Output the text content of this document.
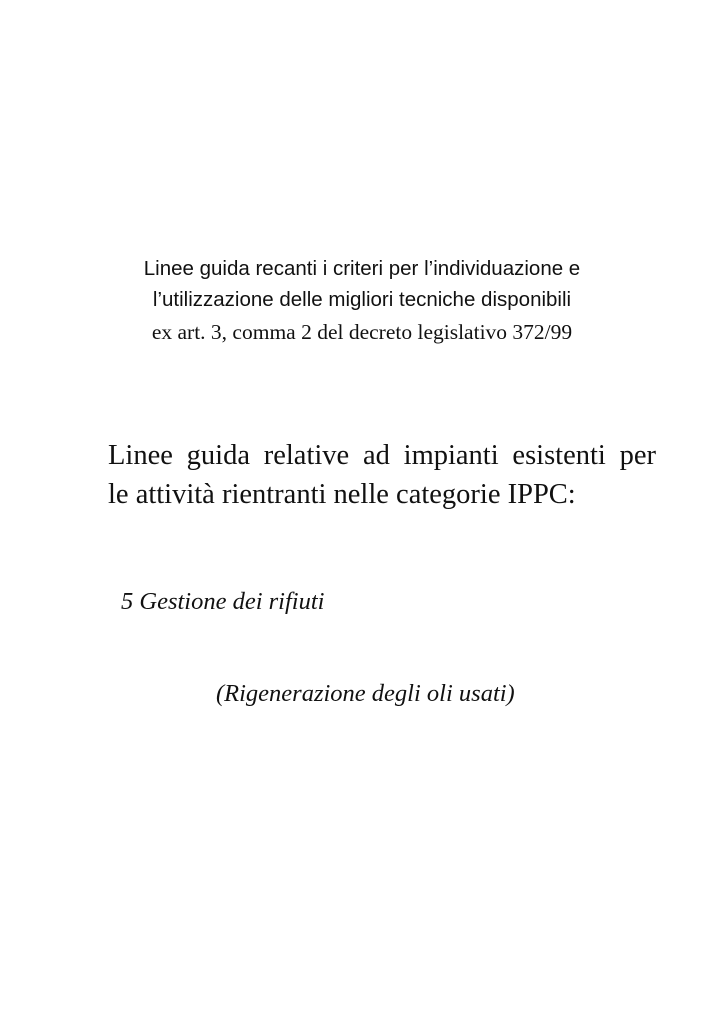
Linee guida recanti i criteri per l’individuazione e
l’utilizzazione delle migliori tecniche disponibili
ex art. 3, comma 2 del decreto legislativo 372/99
Linee guida relative ad impianti esistenti per
le attività rientranti nelle categorie IPPC:
5 Gestione dei rifiuti
(Rigenerazione degli oli usati)
